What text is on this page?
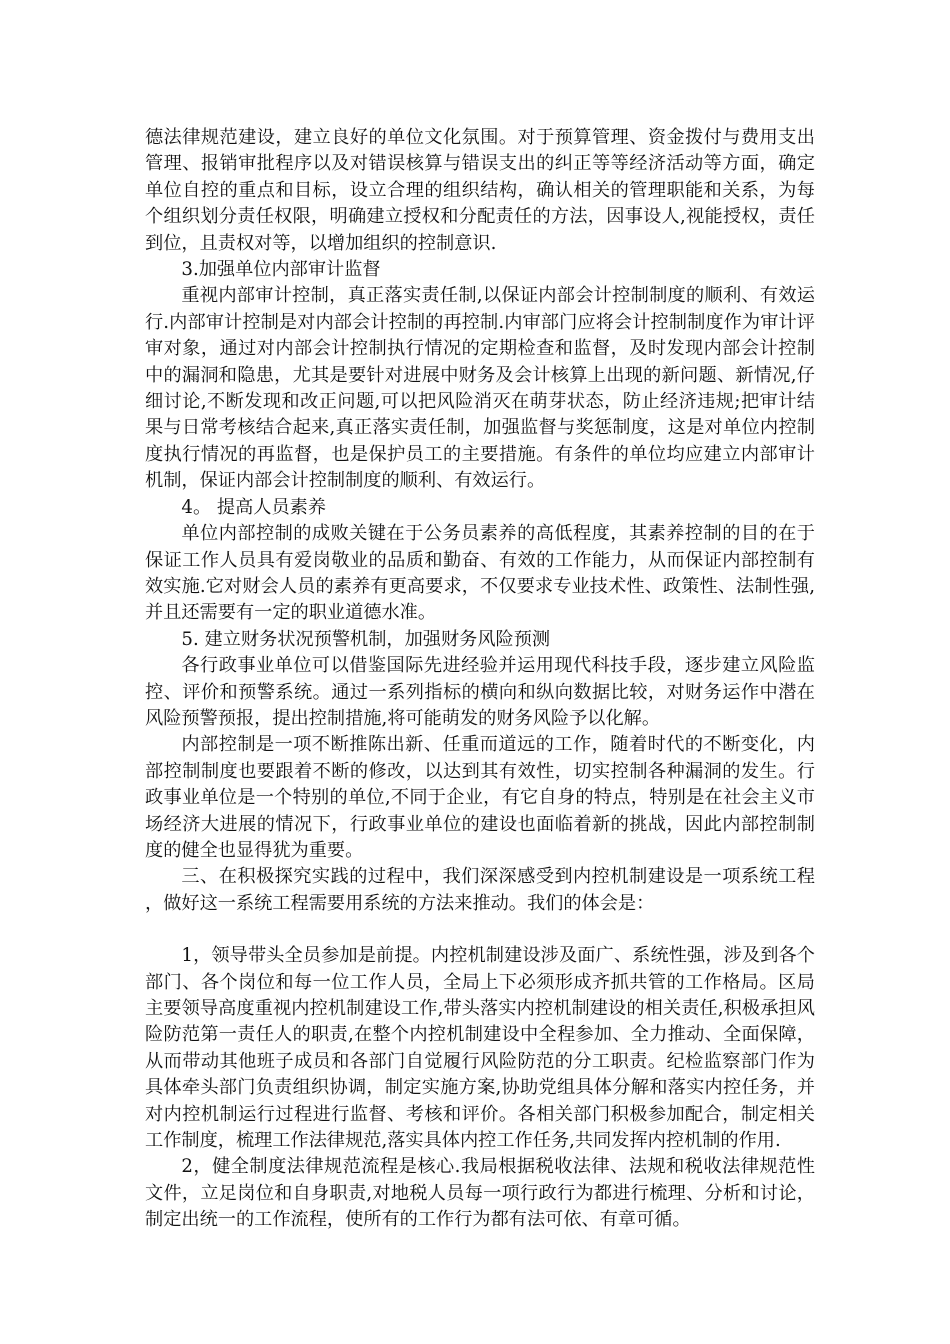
德法律规范建设，建立良好的单位文化氛围。对于预算管理、资金拨付与费用支出管理、报销审批程序以及对错误核算与错误支出的纠正等等经济活动等方面，确定单位自控的重点和目标，设立合理的组织结构，确认相关的管理职能和关系，为每个组织划分责任权限，明确建立授权和分配责任的方法，因事设人,视能授权，责任到位，且责权对等，以增加组织的控制意识.

3.加强单位内部审计监督

重视内部审计控制，真正落实责任制,以保证内部会计控制制度的顺利、有效运行.内部审计控制是对内部会计控制的再控制.内审部门应将会计控制制度作为审计评审对象，通过对内部会计控制执行情况的定期检查和监督，及时发现内部会计控制中的漏洞和隐患，尤其是要针对进展中财务及会计核算上出现的新问题、新情况,仔细讨论,不断发现和改正问题,可以把风险消灭在萌芽状态，防止经济违规;把审计结果与日常考核结合起来,真正落实责任制，加强监督与奖惩制度，这是对单位内控制度执行情况的再监督，也是保护员工的主要措施。有条件的单位均应建立内部审计机制，保证内部会计控制制度的顺利、有效运行。

4。 提高人员素养

单位内部控制的成败关键在于公务员素养的高低程度，其素养控制的目的在于保证工作人员具有爱岗敬业的品质和勤奋、有效的工作能力，从而保证内部控制有效实施.它对财会人员的素养有更高要求，不仅要求专业技术性、政策性、法制性强,并且还需要有一定的职业道德水准。

5. 建立财务状况预警机制，加强财务风险预测

各行政事业单位可以借鉴国际先进经验并运用现代科技手段，逐步建立风险监控、评价和预警系统。通过一系列指标的横向和纵向数据比较，对财务运作中潜在风险预警预报，提出控制措施,将可能萌发的财务风险予以化解。

内部控制是一项不断推陈出新、任重而道远的工作，随着时代的不断变化，内部控制制度也要跟着不断的修改，以达到其有效性，切实控制各种漏洞的发生。行政事业单位是一个特别的单位,不同于企业，有它自身的特点，特别是在社会主义市场经济大进展的情况下，行政事业单位的建设也面临着新的挑战，因此内部控制制度的健全也显得犹为重要。

三、在积极探究实践的过程中，我们深深感受到内控机制建设是一项系统工程，做好这一系统工程需要用系统的方法来推动。我们的体会是：

1，领导带头全员参加是前提。内控机制建设涉及面广、系统性强，涉及到各个部门、各个岗位和每一位工作人员，全局上下必须形成齐抓共管的工作格局。区局主要领导高度重视内控机制建设工作,带头落实内控机制建设的相关责任,积极承担风险防范第一责任人的职责,在整个内控机制建设中全程参加、全力推动、全面保障，从而带动其他班子成员和各部门自觉履行风险防范的分工职责。纪检监察部门作为具体牵头部门负责组织协调，制定实施方案,协助党组具体分解和落实内控任务，并对内控机制运行过程进行监督、考核和评价。各相关部门积极参加配合，制定相关工作制度，梳理工作法律规范,落实具体内控工作任务,共同发挥内控机制的作用.

2，健全制度法律规范流程是核心.我局根据税收法律、法规和税收法律规范性文件，立足岗位和自身职责,对地税人员每一项行政行为都进行梳理、分析和讨论，制定出统一的工作流程，使所有的工作行为都有法可依、有章可循。
